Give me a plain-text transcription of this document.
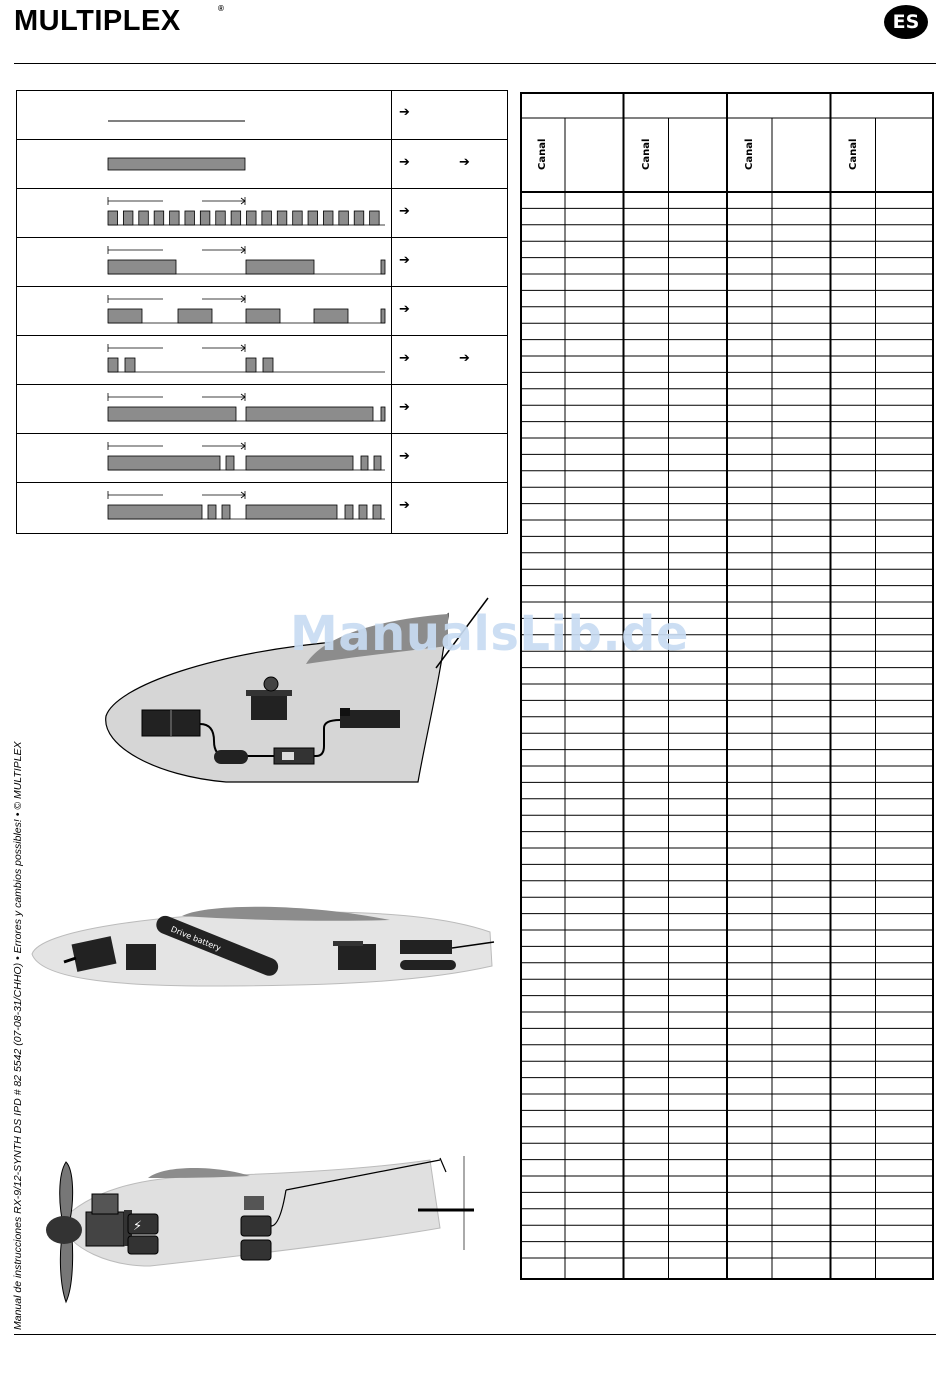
MULTIPLEX	®
ES
➔
➔	➔
➔
➔
➔
➔	➔
➔
➔
➔
Canal	Canal	Canal	Canal
Drive battery
⚡
ManualsLib.de
Manual de instrucciones RX-9/12-SYNTH DS IPD # 82 5542 (07-08-31/CHHO) • Errores y cambios possibles! • © MULTIPLEX
